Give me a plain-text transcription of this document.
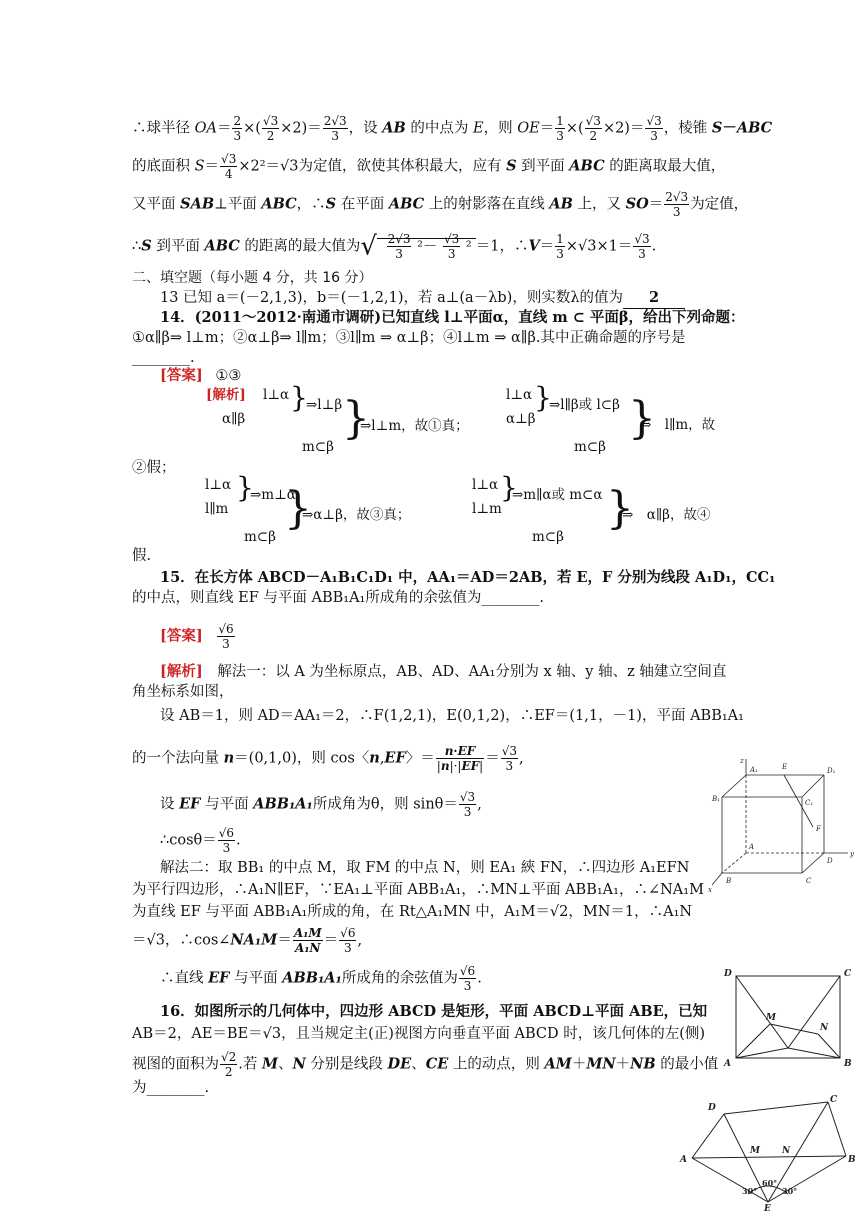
∴球半径 $OA= \frac{2}{3}$ ×( $\frac{√3}{2} \times 2)= \frac{2√3}{3}$ ，设 AB 的中点为 E，则 $OE= \frac{1}{3}$ ×( $\frac{√3}{2} \times 2)= \frac{√3}{3}$ ，棱锥 S－ABC
的底面积 $S= \frac{√3}{4} \times 2^2=√3$为定值，欲使其体积最大，应有 S 到平面 ABC 的距离取最大值，
又平面 SAB⊥平面 ABC，∴S 在平面 ABC 上的射影落在直线 AB 上，又 $SO= \frac{2√3}{3}$ 为定值，
∴S 到平面 ABC 的距离的最大值为√ $\frac{2√3}{3} ^2- \frac{√3}{3} ^2 =1$，∴V＝ $\frac{1}{3} \times√3\times 1= \frac{√3}{3}$ .
二、填空题（每小题 4 分，共 16 分）
13 已知 a＝(－2,1,3)，b＝(－1,2,1)，若 a⊥(a－λb)，则实数λ的值为 2
14．(2011～2012·南通市调研)已知直线 l⊥平面α，直线 m ⊂ 平面β，给出下列命题：
①α∥β⇒ l⊥m；②α⊥β⇒ l∥m；③l∥m ⇒ α⊥β；④l⊥m ⇒ α∥β.其中正确命题的序号是
________.
[答案] ①③
[解析] l⊥α
α∥β
}
⇒l⊥β
m⊂β
}
⇒l⊥m，故①真；
l⊥α
α⊥β
}
⇒l∥β或 l⊂β
m⊂β
}
⇒　l∥m，故
②假；
l⊥α
l∥m
}
⇒m⊥α
m⊂β
}
⇒α⊥β，故③真；
l⊥α
l⊥m
}
⇒m∥α或 m⊂α
m⊂β
}
⇒　α∥β，故④
假.
15．在长方体 ABCD－A₁B₁C₁D₁ 中，AA₁＝AD＝2AB，若 E，F 分别为线段 A₁D₁，CC₁
的中点，则直线 EF 与平面 ABB₁A₁所成角的余弦值为________.
[答案] $\frac{√6}{3}$
[解析]　 解法一：以 A 为坐标原点，AB、AD、AA₁分别为 x 轴、y 轴、z 轴建立空间直
角坐标系如图，
设 AB＝1，则 AD＝AA₁＝2，∴F(1,2,1)，E(0,1,2)，∴EF＝(1,1，－1)，平面 ABB₁A₁
的一个法向量 n＝(0,1,0)，则 cos〈n,EF〉＝ $\frac{n\cdot EF}{|n|\cdot|EF|} = \frac{√3}{3}$ ,
设 EF 与平面 ABB₁A₁所成角为θ，则 $\sin\theta= \frac{√3}{3}$ ,
∴cosθ＝ $\frac{√6}{3}$ .
解法二：取 BB₁ 的中点 M，取 FM 的中点 N，则 EA₁ 綊 FN，∴四边形 A₁EFN
为平行四边形，∴A₁N∥EF，∵EA₁⊥平面 ABB₁A₁，∴MN⊥平面 ABB₁A₁，∴∠NA₁M
为直线 EF 与平面 ABB₁A₁所成的角，在 Rt△A₁MN 中，A₁M＝√2，MN＝1，∴A₁N
＝√3，∴cos∠NA₁M＝ $\frac{\text{A₁M}}{\text{A₁N}} = \frac{√6}{3}$ ,
∴直线 EF 与平面 ABB₁A₁所成角的余弦值为 $\frac{√6}{3}$ .
16．如图所示的几何体中，四边形 ABCD 是矩形，平面 ABCD⊥平面 ABE，已知
AB＝2，AE＝BE＝√3，且当规定主(正)视图方向垂直平面 ABCD 时，该几何体的左(侧)
视图的面积为 $\frac{√2}{2}$ .若 M、N 分别是线段 DE、CE 上的动点，则 AM＋MN＋NB 的最小值
为________.
A₁	E	D₁
B₁	C₁
F
A
D
B	C
z
y
x
D	C
M
N
A	B
D
C
M N
A	B
E
30°
60°
30°
